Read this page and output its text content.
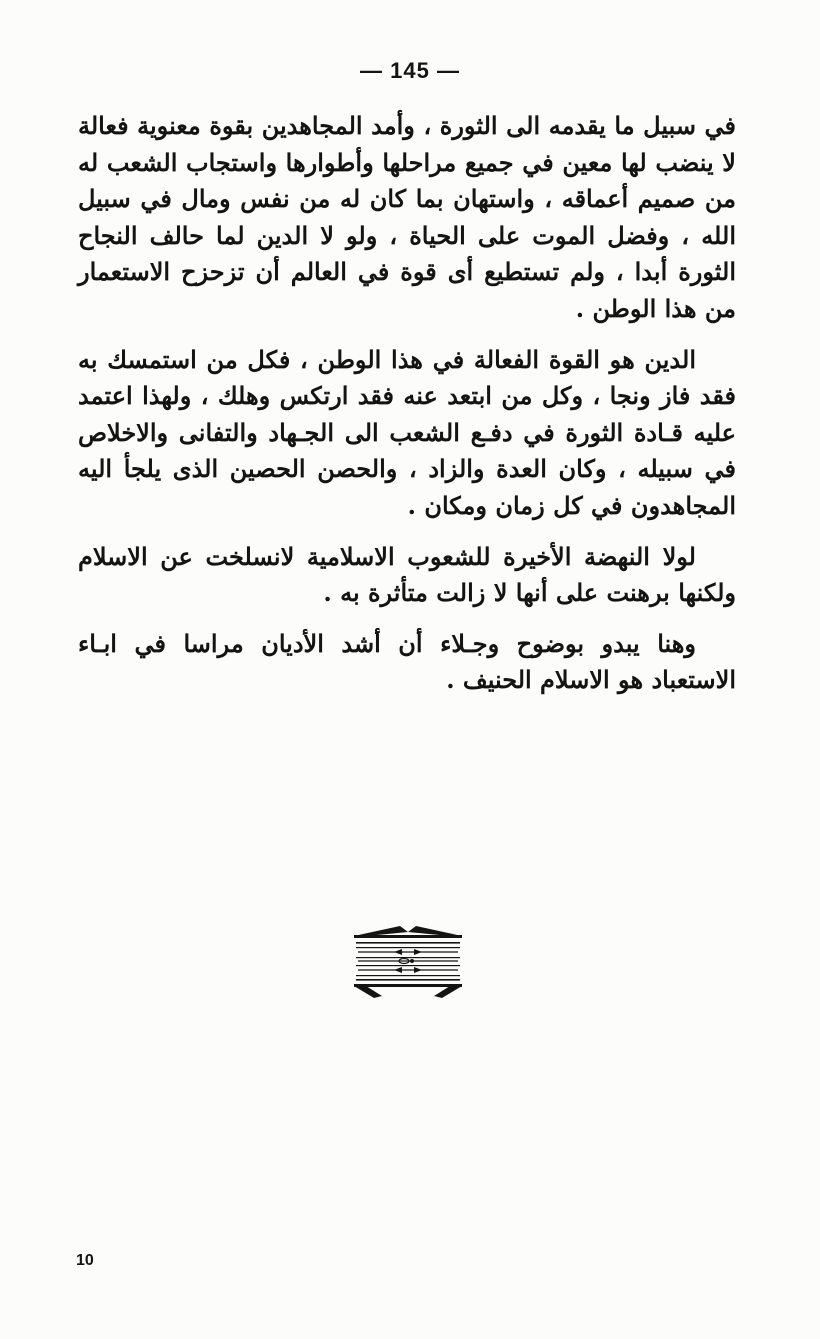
— 145 —

في سبيل ما يقدمه الى الثورة ، وأمد المجاهدين بقوة معنوية فعالة لا ينضب لها معين في جميع مراحلها وأطوارها واستجاب الشعب له من صميم أعماقه ، واستهان بما كان له من نفس ومال في سبيل الله ، وفضل الموت على الحياة ، ولو لا الدين لما حالف النجاح الثورة أبدا ، ولم تستطيع أى قوة في العالم أن تزحزح الاستعمار من هذا الوطن .

الدين هو القوة الفعالة في هذا الوطن ، فكل من استمسك به فقد فاز ونجا ، وكل من ابتعد عنه فقد ارتكس وهلك ، ولهذا اعتمد عليه قـادة الثورة في دفـع الشعب الى الجـهاد والتفانى والاخلاص في سبيله ، وكان العدة والزاد ، والحصن الحصين الذى يلجأ اليه المجاهدون في كل زمان ومكان .

لولا النهضة الأخيرة للشعوب الاسلامية لانسلخت عن الاسلام ولكنها برهنت على أنها لا زالت متأثرة به .

وهنا يبدو بوضوح وجـلاء أن أشد الأديان مراسا في ابـاء الاستعباد هو الاسلام الحنيف .

10
